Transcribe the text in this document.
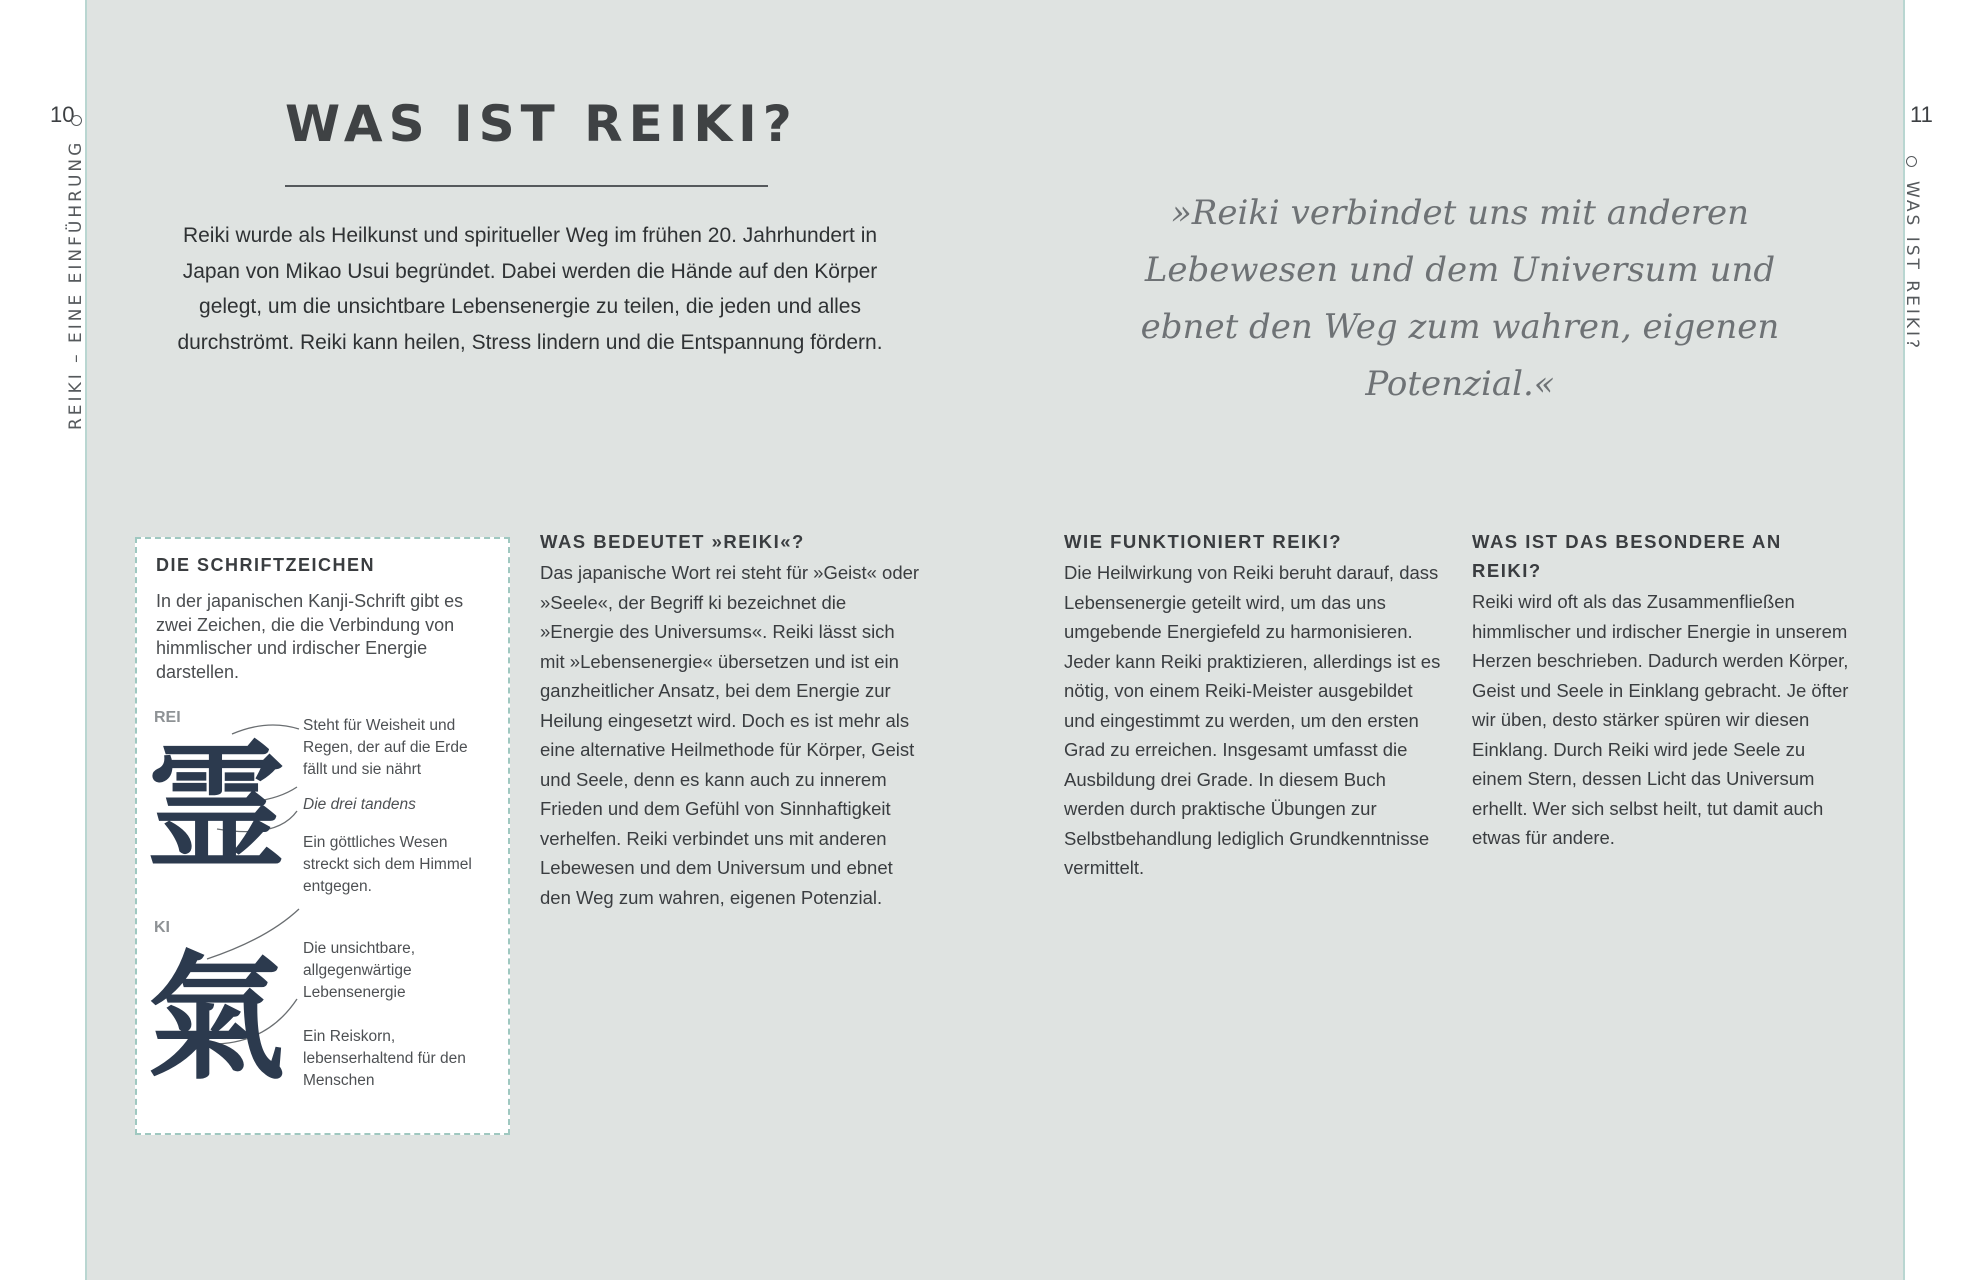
10	11
REIKI – EINE EINFÜHRUNG	WAS IST REIKI?
WAS IST REIKI?
Reiki wurde als Heilkunst und spiritueller Weg im frühen 20. Jahrhundert in Japan von Mikao Usui begründet. Dabei werden die Hände auf den Körper gelegt, um die unsichtbare Lebensenergie zu teilen, die jeden und alles durchströmt. Reiki kann heilen, Stress lindern und die Entspannung fördern.
»Reiki verbindet uns mit anderen Lebewesen und dem Universum und ebnet den Weg zum wahren, eigenen Potenzial.«
DIE SCHRIFTZEICHEN
In der japanischen Kanji-Schrift gibt es zwei Zeichen, die die Verbindung von himmlischer und irdischer Energie darstellen.
REI
霊
Steht für Weisheit und Regen, der auf die Erde fällt und sie nährt
Die drei tandens
Ein göttliches Wesen streckt sich dem Himmel entgegen.
KI
氣 Die unsichtbare, allgegenwärtige Lebensenergie
Ein Reiskorn, lebenserhaltend für den Menschen
WAS BEDEUTET »REIKI«?

Das japanische Wort rei steht für »Geist« oder »Seele«, der Begriff ki bezeichnet die »Energie des Universums«. Reiki lässt sich mit »Lebensenergie« übersetzen und ist ein ganzheitlicher Ansatz, bei dem Energie zur Heilung eingesetzt wird. Doch es ist mehr als eine alternative Heilmethode für Körper, Geist und Seele, denn es kann auch zu innerem Frieden und dem Gefühl von Sinnhaftigkeit verhelfen. Reiki verbindet uns mit anderen Lebewesen und dem Universum und ebnet den Weg zum wahren, eigenen Potenzial.

WIE FUNKTIONIERT REIKI?

Die Heilwirkung von Reiki beruht darauf, dass Lebensenergie geteilt wird, um das uns umgebende Energiefeld zu harmonisieren. Jeder kann Reiki praktizieren, allerdings ist es nötig, von einem Reiki-Meister ausgebildet und eingestimmt zu werden, um den ersten Grad zu erreichen. Insgesamt umfasst die Ausbildung drei Grade. In diesem Buch werden durch praktische Übungen zur Selbstbehandlung lediglich Grundkenntnisse vermittelt.

WAS IST DAS BESONDERE AN REIKI?

Reiki wird oft als das Zusammenfließen himmlischer und irdischer Energie in unserem Herzen beschrieben. Dadurch werden Körper, Geist und Seele in Einklang gebracht. Je öfter wir üben, desto stärker spüren wir diesen Einklang. Durch Reiki wird jede Seele zu einem Stern, dessen Licht das Universum erhellt. Wer sich selbst heilt, tut damit auch etwas für andere.
